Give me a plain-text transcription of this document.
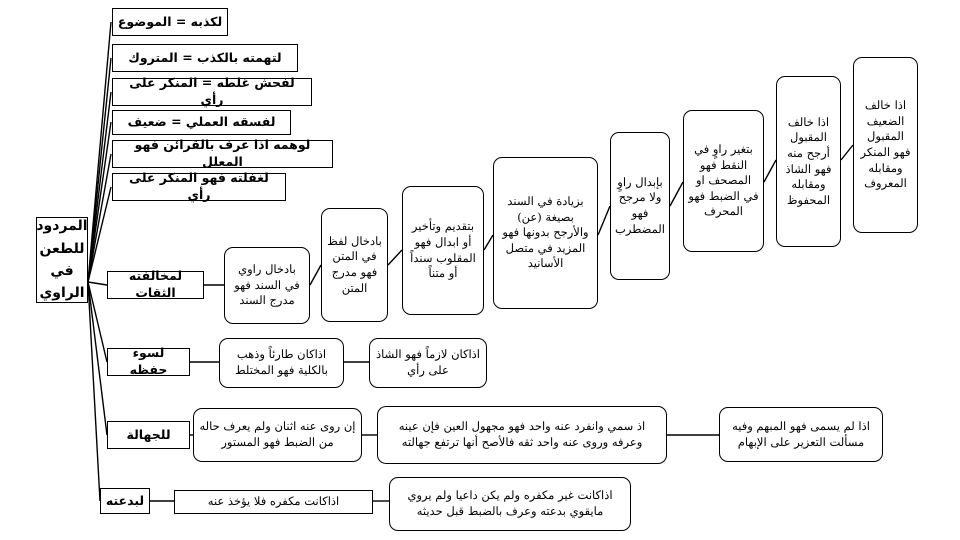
المردود للطعن في الراوي
لكذبه = الموضوع
لتهمته بالكذب = المتروك
لفحش غلطه = المنكر على رأي
لفسقه العملي = ضعيف
لوهمه اذا عرف بالقرائن فهو المعلل
لغفلته فهو المنكر على رأي
لمخالفته الثقات
بادخال راوي في السند فهو مدرج السند
بادخال لفظ في المتن فهو مدرج المتن
بتقديم وتأخير أو ابدال فهو المقلوب سنداً أو متناً
بزيادة في السند بصيغة (عن) والأرجح بدونها فهو المزيد في متصل الأسانيد
بإبدال راوٍ ولا مرجح فهو المضطرب
بتغير راوٍ في النقط فهو المصحف او في الضبط فهو المحرف
اذا خالف المقبول أرجح منه فهو الشاذ ومقابله المحفوظ
اذا خالف الضعيف المقبول فهو المنكر ومقابله المعروف
لسوء حفظه
اذاكان طارئاً وذهب بالكلية فهو المختلط
اذاكان لازماً فهو الشاذ على رأي
للجهالة
إن روى عنه اثنان ولم يعرف حاله من الضبط فهو المستور
اذ سمي وانفرد عنه واحد فهو مجهول العين فإن عينه وعرفه وروى عنه واحد ثقه فالأصح أنها ترتفع جهالته
اذا لم يسمى فهو المبهم وفيه مسألت التعزير على الإبهام
لبدعته	اذاكانت مكفره فلا يؤخذ عنه	اذاكانت غير مكفره ولم يكن داعيا ولم يروي مايقوي بدعته وعرف بالضبط قبل حديثه
